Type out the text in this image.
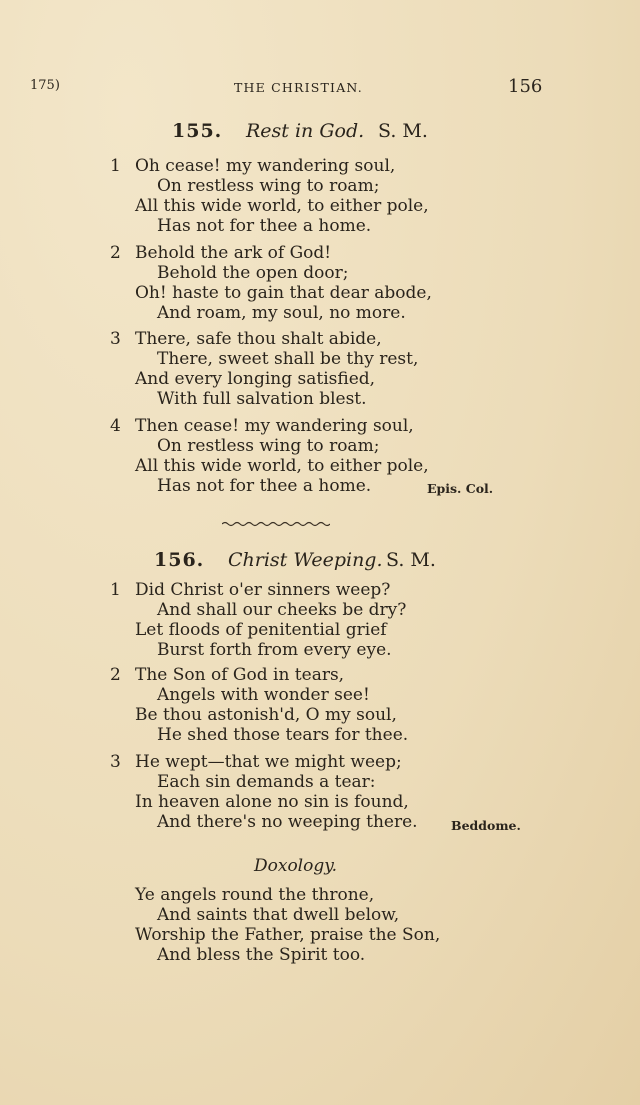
175)	THE CHRISTIAN.	156
155. Rest in God. S. M.
1 Oh cease! my wandering soul,
On restless wing to roam;
All this wide world, to either pole,
Has not for thee a home.
2 Behold the ark of God!
Behold the open door;
Oh! haste to gain that dear abode,
And roam, my soul, no more.
3 There, safe thou shalt abide,
There, sweet shall be thy rest,
And every longing satisfied,
With full salvation blest.
4 Then cease! my wandering soul,
On restless wing to roam;
All this wide world, to either pole,
Has not for thee a home.	Epis. Col.
156. Christ Weeping. S. M.
1 Did Christ o'er sinners weep?
And shall our cheeks be dry?
Let floods of penitential grief
Burst forth from every eye.
2 The Son of God in tears,
Angels with wonder see!
Be thou astonish'd, O my soul,
He shed those tears for thee.
3 He wept—that we might weep;
Each sin demands a tear:
In heaven alone no sin is found,
And there's no weeping there.	Beddome.
Doxology.
Ye angels round the throne,
And saints that dwell below,
Worship the Father, praise the Son,
And bless the Spirit too.
